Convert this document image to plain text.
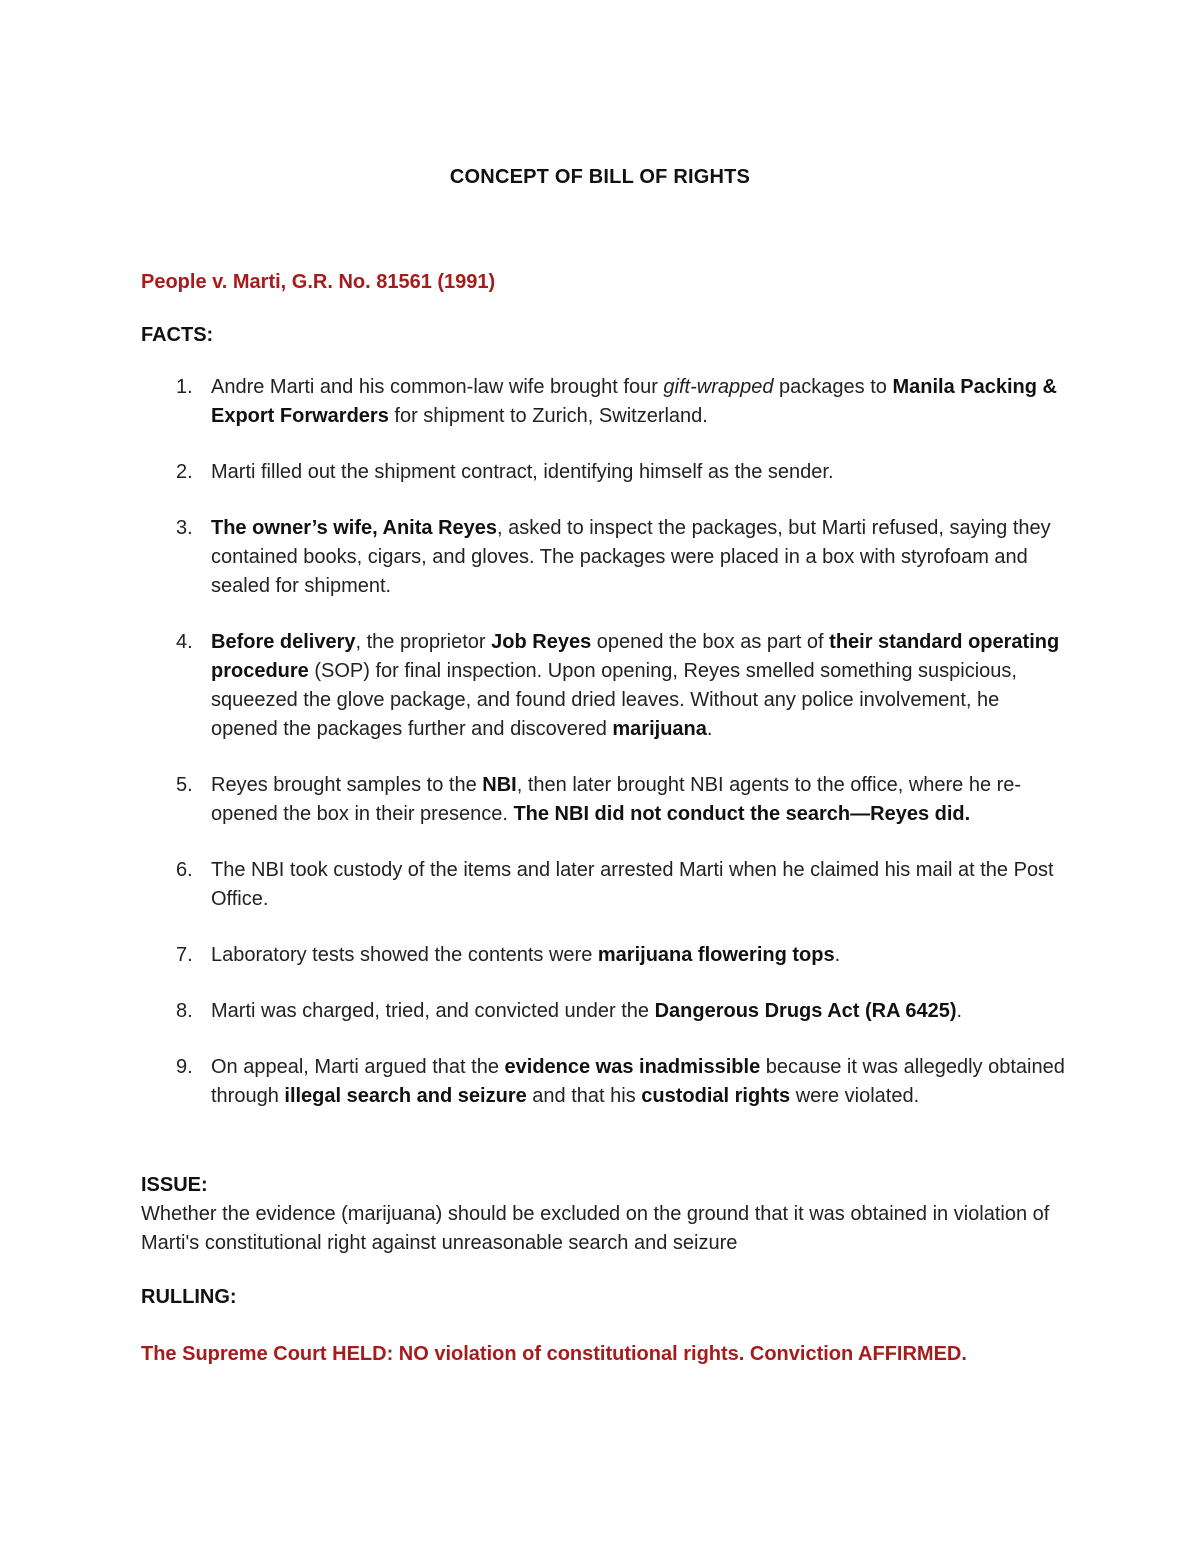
CONCEPT OF BILL OF RIGHTS
People v. Marti, G.R. No. 81561 (1991)
FACTS:
1. Andre Marti and his common-law wife brought four gift-wrapped packages to Manila Packing & Export Forwarders for shipment to Zurich, Switzerland.
2. Marti filled out the shipment contract, identifying himself as the sender.
3. The owner’s wife, Anita Reyes, asked to inspect the packages, but Marti refused, saying they contained books, cigars, and gloves. The packages were placed in a box with styrofoam and sealed for shipment.
4. Before delivery, the proprietor Job Reyes opened the box as part of their standard operating procedure (SOP) for final inspection. Upon opening, Reyes smelled something suspicious, squeezed the glove package, and found dried leaves. Without any police involvement, he opened the packages further and discovered marijuana.
5. Reyes brought samples to the NBI, then later brought NBI agents to the office, where he re-opened the box in their presence. The NBI did not conduct the search—Reyes did.
6. The NBI took custody of the items and later arrested Marti when he claimed his mail at the Post Office.
7. Laboratory tests showed the contents were marijuana flowering tops.
8. Marti was charged, tried, and convicted under the Dangerous Drugs Act (RA 6425).
9. On appeal, Marti argued that the evidence was inadmissible because it was allegedly obtained through illegal search and seizure and that his custodial rights were violated.
ISSUE:
Whether the evidence (marijuana) should be excluded on the ground that it was obtained in violation of Marti's constitutional right against unreasonable search and seizure
RULLING:
The Supreme Court HELD: NO violation of constitutional rights. Conviction AFFIRMED.
